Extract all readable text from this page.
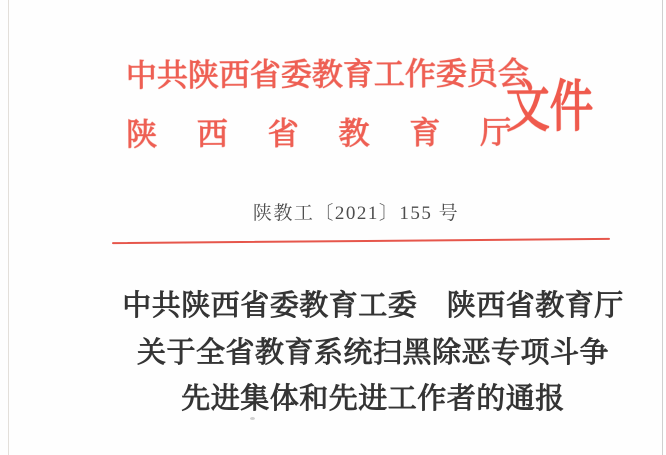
中共陕西省委教育工作委员会
陕 西 省 教 育 厅
文件
陕教工〔2021〕155 号
中共陕西省委教育工委　陕西省教育厅
关于全省教育系统扫黑除恶专项斗争
先进集体和先进工作者的通报
